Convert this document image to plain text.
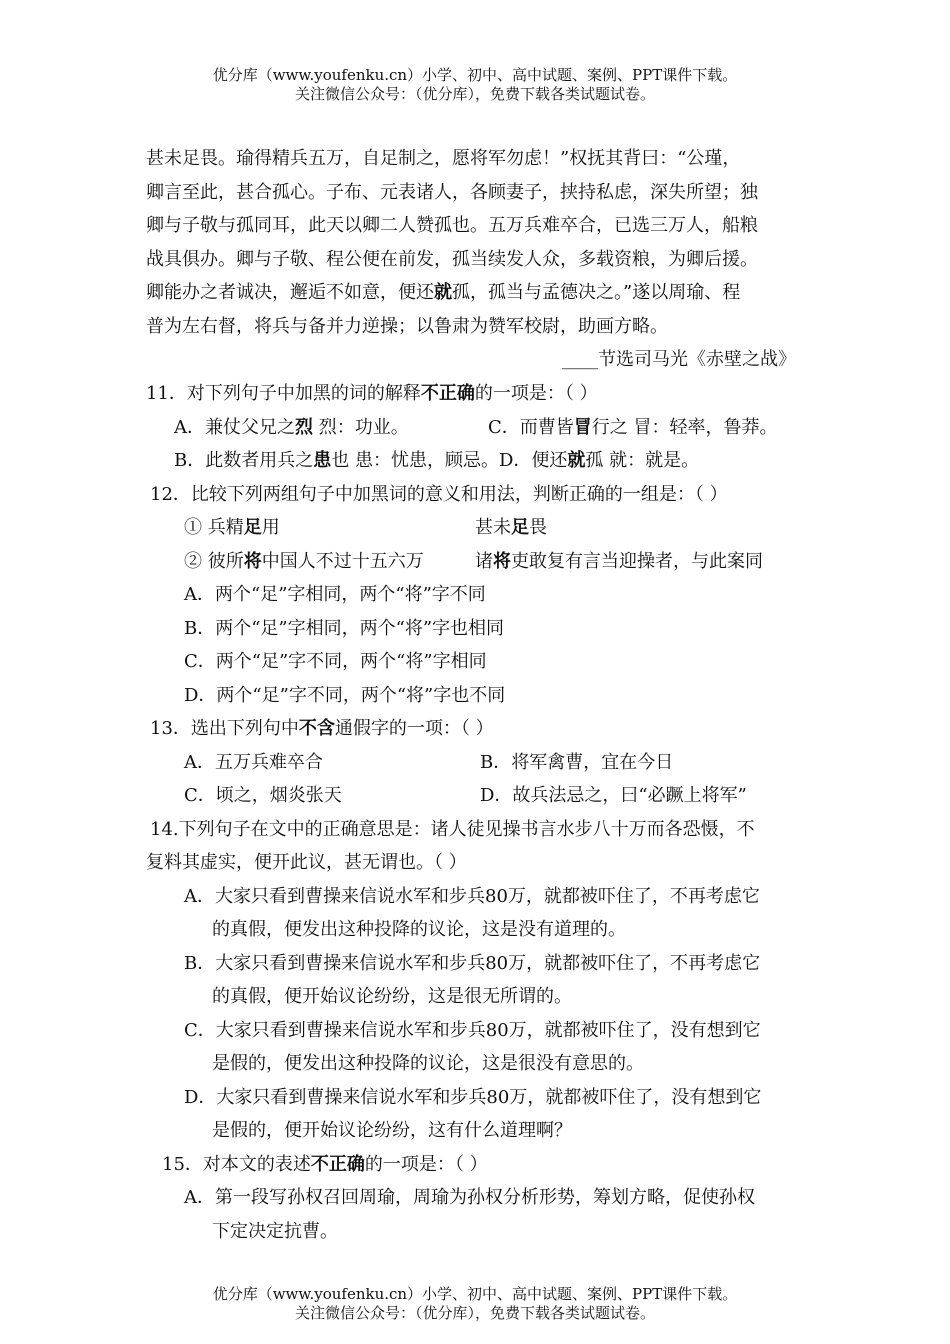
优分库（www.youfenku.cn）小学、初中、高中试题、案例、PPT课件下载。
关注微信公众号：（优分库），免费下载各类试题试卷。
甚未足畏。瑜得精兵五万，自足制之，愿将军勿虑！”权抚其背曰：“公瑾，
卿言至此，甚合孤心。子布、元表诸人，各顾妻子，挟持私虑，深失所望；独
卿与子敬与孤同耳，此天以卿二人赞孤也。五万兵难卒合，已选三万人，船粮
战具俱办。卿与子敬、程公便在前发，孤当续发人众，多载资粮，为卿后援。
卿能办之者诚决，邂逅不如意，便还就孤，孤当与孟德决之。”遂以周瑜、程
普为左右督，将兵与备并力逆操；以鲁肃为赞军校尉，助画方略。
____节选司马光《赤壁之战》
11．对下列句子中加黑的词的解释不正确的一项是：（ ）
A．兼仗父兄之烈 烈：功业。	C．而曹皆冒行之 冒：轻率，鲁莽。
B．此数者用兵之患也 患：忧患，顾忌。D．便还就孤 就：就是。
12．比较下列两组句子中加黑词的意义和用法，判断正确的一组是：（ ）
① 兵精足用	甚未足畏
② 彼所将中国人不过十五六万	诸将吏敢复有言当迎操者，与此案同
A．两个“足”字相同，两个“将”字不同
B．两个“足”字相同，两个“将”字也相同
C．两个“足”字不同，两个“将”字相同
D．两个“足”字不同，两个“将”字也不同
13．选出下列句中不含通假字的一项：（ ）
A．五万兵难卒合	B．将军禽曹，宜在今日
C．顷之，烟炎张天	D．故兵法忌之，曰“必蹶上将军”
14.下列句子在文中的正确意思是：诸人徒见操书言水步八十万而各恐慑，不
复料其虚实，便开此议，甚无谓也。（ ）
A．大家只看到曹操来信说水军和步兵80万，就都被吓住了，不再考虑它
的真假，便发出这种投降的议论，这是没有道理的。
B．大家只看到曹操来信说水军和步兵80万，就都被吓住了，不再考虑它
的真假，便开始议论纷纷，这是很无所谓的。
C．大家只看到曹操来信说水军和步兵80万，就都被吓住了，没有想到它
是假的，便发出这种投降的议论，这是很没有意思的。
D．大家只看到曹操来信说水军和步兵80万，就都被吓住了，没有想到它
是假的，便开始议论纷纷，这有什么道理啊？
15．对本文的表述不正确的一项是：（ ）
A．第一段写孙权召回周瑜，周瑜为孙权分析形势，筹划方略，促使孙权
下定决定抗曹。
优分库（www.youfenku.cn）小学、初中、高中试题、案例、PPT课件下载。
关注微信公众号：（优分库），免费下载各类试题试卷。
